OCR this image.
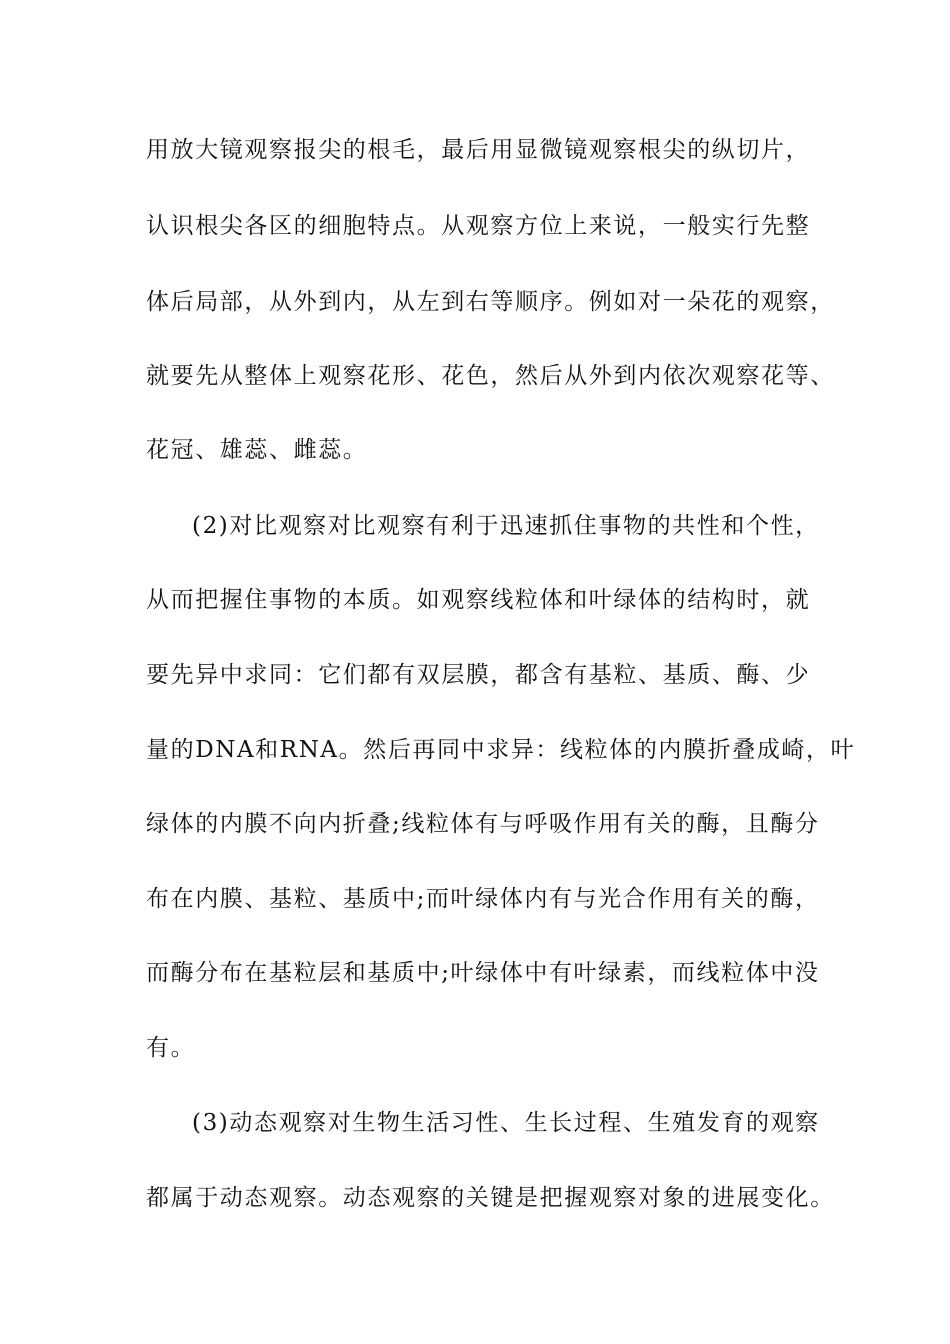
用放大镜观察报尖的根毛，最后用显微镜观察根尖的纵切片，
认识根尖各区的细胞特点。从观察方位上来说，一般实行先整
体后局部，从外到内，从左到右等顺序。例如对一朵花的观察，
就要先从整体上观察花形、花色，然后从外到内依次观察花等、
花冠、雄蕊、雌蕊。
(2)对比观察对比观察有利于迅速抓住事物的共性和个性，
从而把握住事物的本质。如观察线粒体和叶绿体的结构时，就
要先异中求同：它们都有双层膜，都含有基粒、基质、酶、少
量的DNA和RNA。然后再同中求异：线粒体的内膜折叠成崎，叶
绿体的内膜不向内折叠;线粒体有与呼吸作用有关的酶，且酶分
布在内膜、基粒、基质中;而叶绿体内有与光合作用有关的酶，
而酶分布在基粒层和基质中;叶绿体中有叶绿素，而线粒体中没
有。
(3)动态观察对生物生活习性、生长过程、生殖发育的观察
都属于动态观察。动态观察的关键是把握观察对象的进展变化。
